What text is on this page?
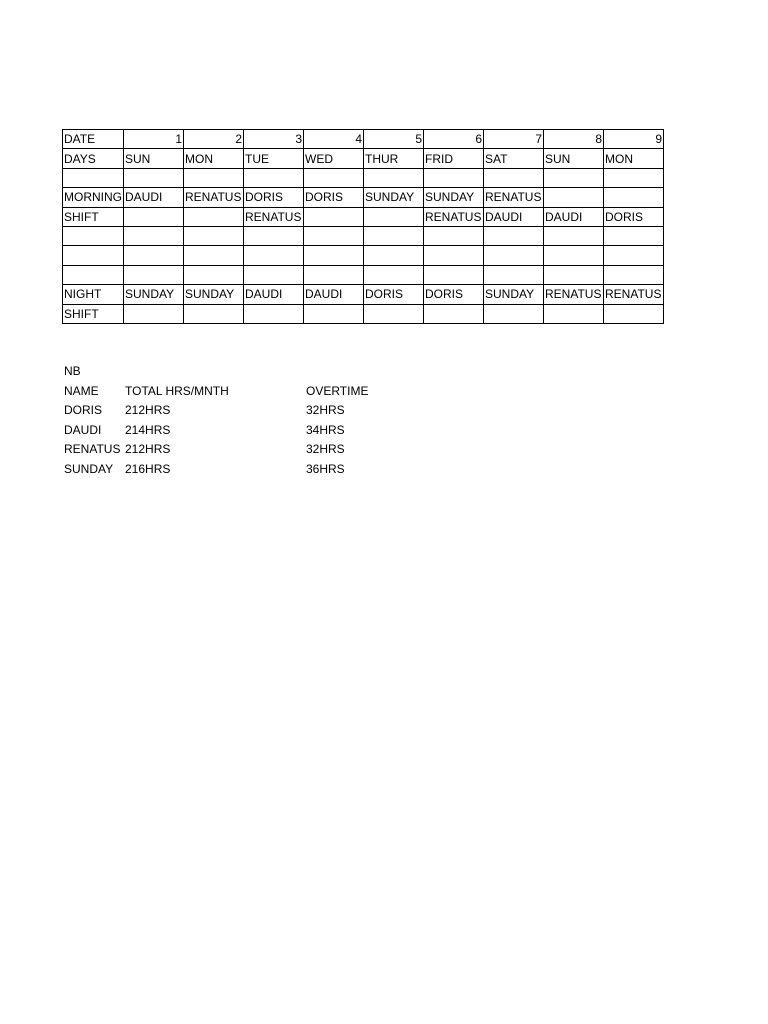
DATE	1	2	3	4	5	6	7	8	9
DAYS	SUN	MON	TUE	WED	THUR	FRID	SAT	SUN	MON

MORNING	DAUDI	RENATUS	DORIS	DORIS	SUNDAY	SUNDAY	RENATUS		
SHIFT			RENATUS			RENATUS	DAUDI	DAUDI	DORIS

NIGHT	SUNDAY	SUNDAY	DAUDI	DAUDI	DORIS	DORIS	SUNDAY	RENATUS	RENATUS
SHIFT									
NB
NAME TOTAL HRS/MNTH	OVERTIME
DORIS 212HRS	32HRS
DAUDI 214HRS	34HRS
RENATUS 212HRS	32HRS
SUNDAY 216HRS	36HRS
